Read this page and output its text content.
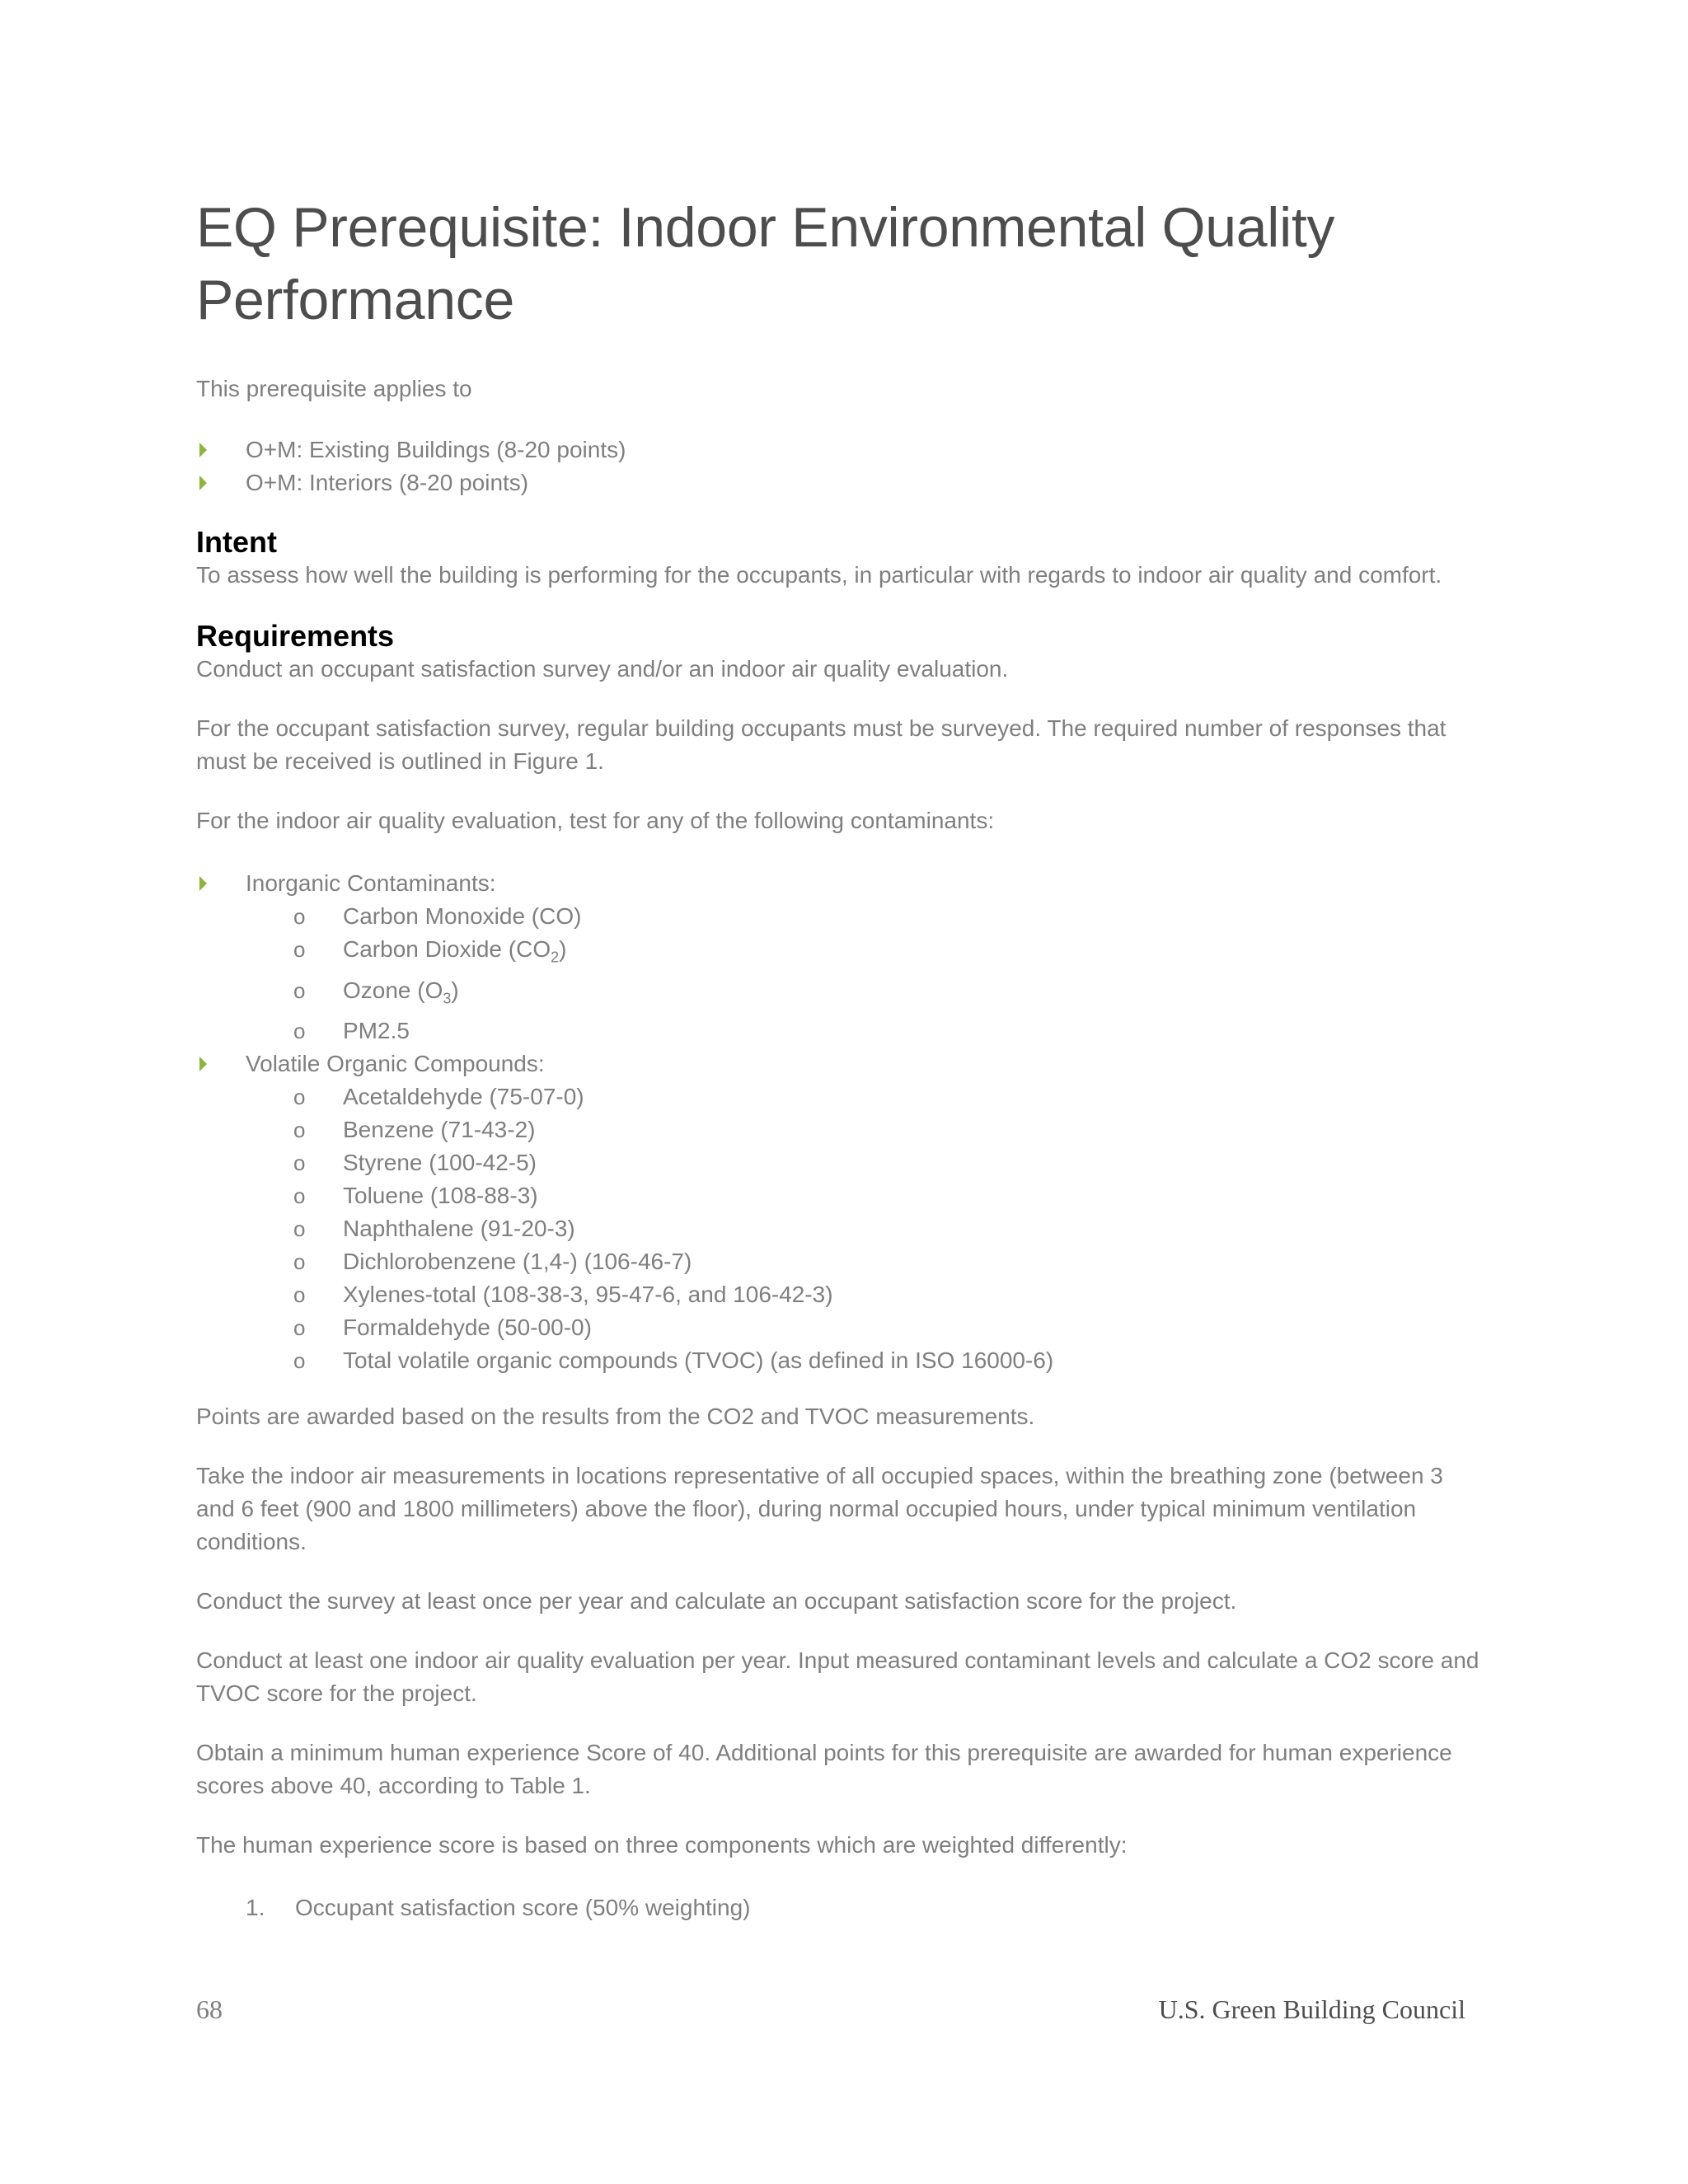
EQ Prerequisite: Indoor Environmental Quality Performance

This prerequisite applies to

O+M: Existing Buildings (8-20 points)
O+M: Interiors (8-20 points)
Intent

To assess how well the building is performing for the occupants, in particular with regards to indoor air quality and comfort.

Requirements

Conduct an occupant satisfaction survey and/or an indoor air quality evaluation.

For the occupant satisfaction survey, regular building occupants must be surveyed. The required number of responses that must be received is outlined in Figure 1.

For the indoor air quality evaluation, test for any of the following contaminants:

Inorganic Contaminants:
o Carbon Monoxide (CO)
o Carbon Dioxide $(CO_2)$
o Ozone $(O_3)$
o PM2.5
Volatile Organic Compounds:
o Acetaldehyde (75-07-0)
o Benzene (71-43-2)
o Styrene (100-42-5)
o Toluene (108-88-3)
o Naphthalene (91-20-3)
o Dichlorobenzene (1,4-) (106-46-7)
o Xylenes-total (108-38-3, 95-47-6, and 106-42-3)
o Formaldehyde (50-00-0)
o Total volatile organic compounds (TVOC) (as defined in ISO 16000-6)

Points are awarded based on the results from the CO2 and TVOC measurements.

Take the indoor air measurements in locations representative of all occupied spaces, within the breathing zone (between 3 and 6 feet (900 and 1800 millimeters) above the floor), during normal occupied hours, under typical minimum ventilation conditions.

Conduct the survey at least once per year and calculate an occupant satisfaction score for the project.

Conduct at least one indoor air quality evaluation per year. Input measured contaminant levels and calculate a CO2 score and TVOC score for the project.

Obtain a minimum human experience Score of 40. Additional points for this prerequisite are awarded for human experience scores above 40, according to Table 1.

The human experience score is based on three components which are weighted differently:

1. Occupant satisfaction score (50% weighting)
68	U.S. Green Building Council
